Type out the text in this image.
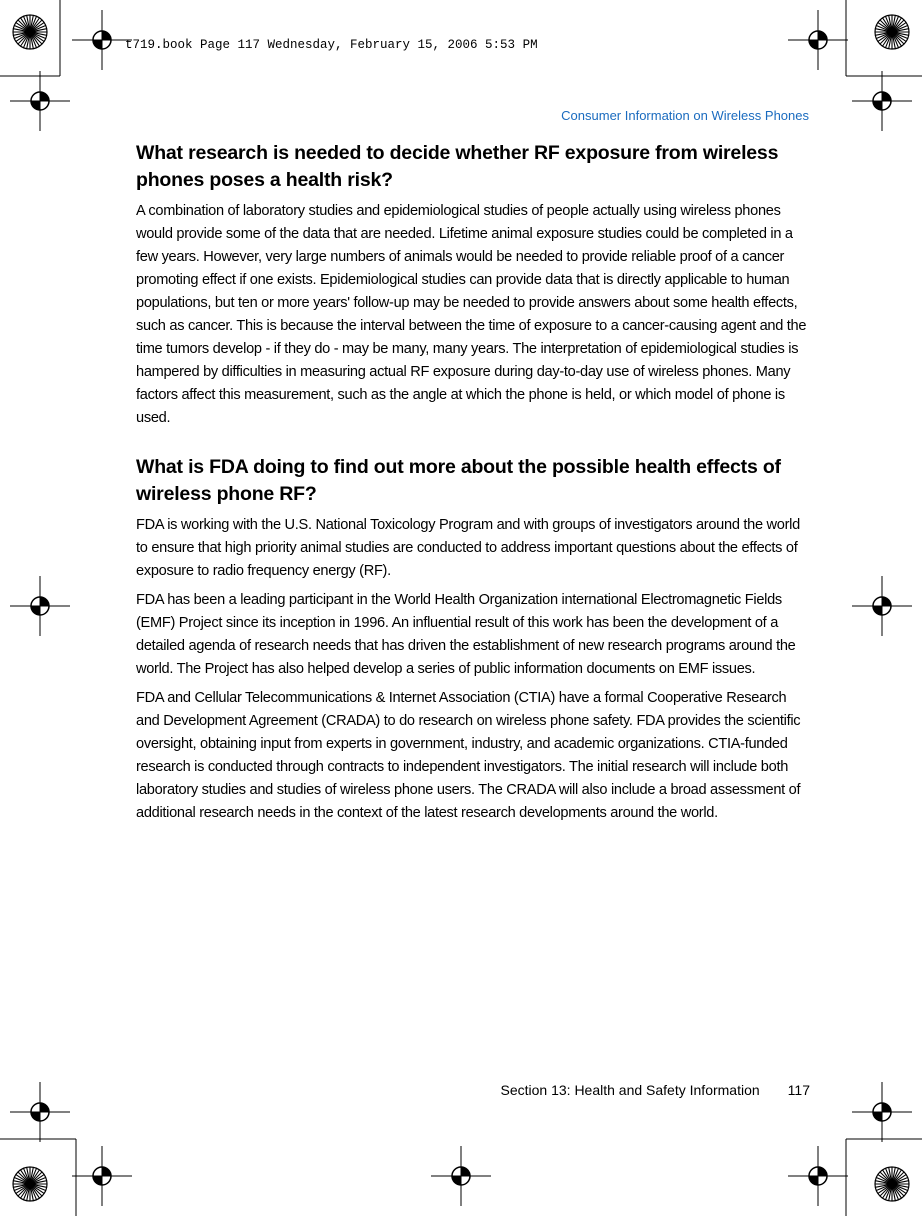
t719.book Page 117 Wednesday, February 15, 2006 5:53 PM

Consumer Information on Wireless Phones

What research is needed to decide whether RF exposure from wireless phones poses a health risk?

A combination of laboratory studies and epidemiological studies of people actually using wireless phones would provide some of the data that are needed. Lifetime animal exposure studies could be completed in a few years. However, very large numbers of animals would be needed to provide reliable proof of a cancer promoting effect if one exists. Epidemiological studies can provide data that is directly applicable to human populations, but ten or more years' follow-up may be needed to provide answers about some health effects, such as cancer. This is because the interval between the time of exposure to a cancer-causing agent and the time tumors develop - if they do - may be many, many years. The interpretation of epidemiological studies is hampered by difficulties in measuring actual RF exposure during day-to-day use of wireless phones. Many factors affect this measurement, such as the angle at which the phone is held, or which model of phone is used.

What is FDA doing to find out more about the possible health effects of wireless phone RF?

FDA is working with the U.S. National Toxicology Program and with groups of investigators around the world to ensure that high priority animal studies are conducted to address important questions about the effects of exposure to radio frequency energy (RF).

FDA has been a leading participant in the World Health Organization international Electromagnetic Fields (EMF) Project since its inception in 1996. An influential result of this work has been the development of a detailed agenda of research needs that has driven the establishment of new research programs around the world. The Project has also helped develop a series of public information documents on EMF issues.

FDA and Cellular Telecommunications & Internet Association (CTIA) have a formal Cooperative Research and Development Agreement (CRADA) to do research on wireless phone safety. FDA provides the scientific oversight, obtaining input from experts in government, industry, and academic organizations. CTIA-funded research is conducted through contracts to independent investigators. The initial research will include both laboratory studies and studies of wireless phone users. The CRADA will also include a broad assessment of additional research needs in the context of the latest research developments around the world.

Section 13: Health and Safety Information 117
